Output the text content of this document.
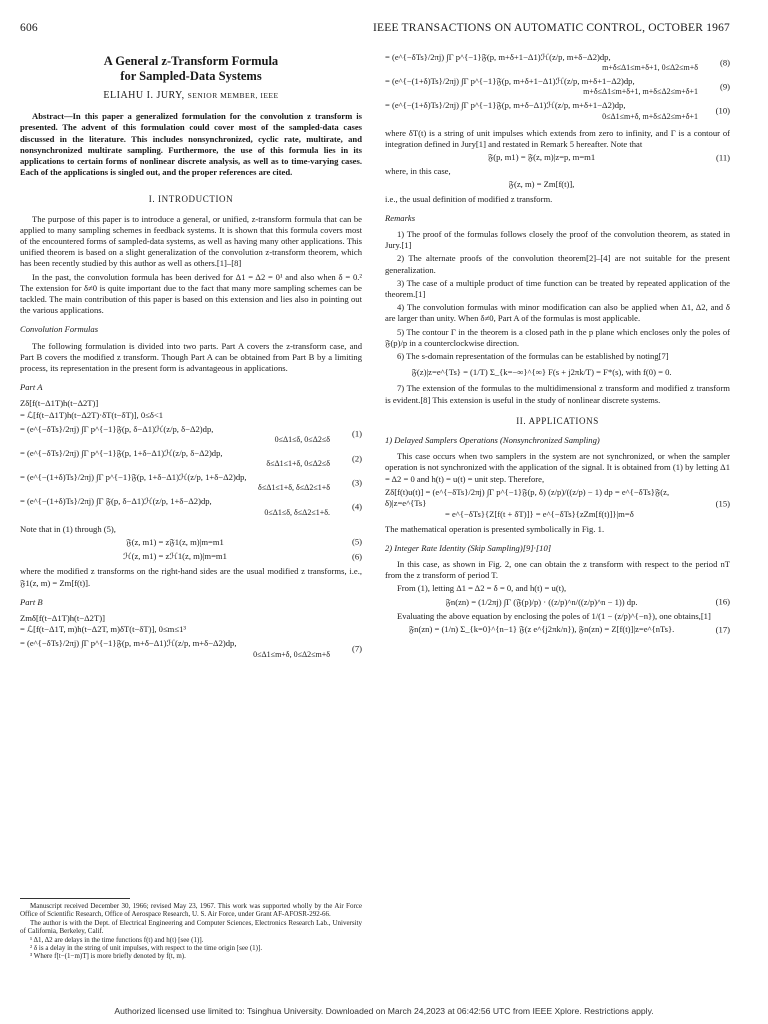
606	IEEE TRANSACTIONS ON AUTOMATIC CONTROL, OCTOBER 1967
A General z-Transform Formula
for Sampled-Data Systems
ELIAHU I. JURY, SENIOR MEMBER, IEEE

Abstract—In this paper a generalized formulation for the convolution z transform is presented. The advent of this formulation could cover most of the sampled-data cases discussed in the literature. This includes nonsynchronized, cyclic rate, multirate, and nonsynchronized multirate sampling. Furthermore, the use of this formula lies in its applications to certain forms of nonlinear discrete analysis, as well as to time-varying cases. Each of the applications is singled out, and the proper references are cited.

I. INTRODUCTION

The purpose of this paper is to introduce a general, or unified, z-transform formula that can be applied to many sampling schemes in feedback systems. It is shown that this formula covers most of the encountered forms of sampled-data systems, as well as having many other applications. This unified theorem is based on a slight generalization of the convolution z-transform theorem, which has been recently studied by this author as well as others.[1]–[8]

In the past, the convolution formula has been derived for Δ1 = Δ2 = 0¹ and also when δ = 0.² The extension for δ≠0 is quite important due to the fact that many more sampling schemes can be tackled. The main contribution of this paper is based on this extension and lies also in pointing out the various applications.

Convolution Formulas

The following formulation is divided into two parts. Part A covers the z-transform case, and Part B covers the modified z transform. Though Part A can be obtained from Part B by a limiting process, its representation in the present form is advantageous in applications.

Part A
Zδ[f(t−Δ1T)h(t−Δ2T)]
= ℒ[f(t−Δ1T)h(t−Δ2T)·δT(t−δT)], 0≤δ<1
= (e^{−δTs}/2πj) ∫Γ p^{−1}𝔉(p, δ−Δ1)ℋ(z/p, δ−Δ2)dp,
0≤Δ1≤δ, 0≤Δ2≤δ
(1)
= (e^{−δTs}/2πj) ∫Γ p^{−1}𝔉(p, 1+δ−Δ1)ℋ(z/p, δ−Δ2)dp,
δ≤Δ1≤1+δ, 0≤Δ2≤δ
(2)
= (e^{−(1+δ)Ts}/2πj) ∫Γ p^{−1}𝔉(p, 1+δ−Δ1)ℋ(z/p, 1+δ−Δ2)dp,
δ≤Δ1≤1+δ, δ≤Δ2≤1+δ
(3)
= (e^{−(1+δ)Ts}/2πj) ∫Γ 𝔉(p, δ−Δ1)ℋ(z/p, 1+δ−Δ2)dp,
0≤Δ1≤δ, δ≤Δ2≤1+δ.
(4)

Note that in (1) through (5),

𝔉(z, m1) = z𝔉1(z, m)|m=m1	(5)
ℋ(z, m1) = zℋ1(z, m)|m=m1	(6)

where the modified z transforms on the right-hand sides are the usual modified z transforms, i.e., 𝔉1(z, m) = Zm[f(t)].

Part B
Zmδ[f(t−Δ1T)h(t−Δ2T)]
= ℒ[f(t−Δ1T, m)h(t−Δ2T, m)δT(t−δT)], 0≤m≤1³
= (e^{−δTs}/2πj) ∫Γ p^{−1}𝔉(p, m+δ−Δ1)ℋ(z/p, m+δ−Δ2)dp,
0≤Δ1≤m+δ, 0≤Δ2≤m+δ
(7)
Manuscript received December 30, 1966; revised May 23, 1967. This work was supported wholly by the Air Force Office of Scientific Research, Office of Aerospace Research, U. S. Air Force, under Grant AF-AFOSR-292-66.
The author is with the Dept. of Electrical Engineering and Computer Sciences, Electronics Research Lab., University of California, Berkeley, Calif.
¹ Δ1, Δ2 are delays in the time functions f(t) and h(t) [see (1)].
² δ is a delay in the string of unit impulses, with respect to the time origin [see (1)].
³ Where f[t−(1−m)T] is more briefly denoted by f(t, m).
= (e^{−δTs}/2πj) ∫Γ p^{−1}𝔉(p, m+δ+1−Δ1)ℋ(z/p, m+δ−Δ2)dp,
m+δ≤Δ1≤m+δ+1, 0≤Δ2≤m+δ
(8)
= (e^{−(1+δ)Ts}/2πj) ∫Γ p^{−1}𝔉(p, m+δ+1−Δ1)ℋ(z/p, m+δ+1−Δ2)dp,
m+δ≤Δ1≤m+δ+1, m+δ≤Δ2≤m+δ+1
(9)
= (e^{−(1+δ)Ts}/2πj) ∫Γ p^{−1}𝔉(p, m+δ−Δ1)ℋ(z/p, m+δ+1−Δ2)dp,
0≤Δ1≤m+δ, m+δ≤Δ2≤m+δ+1
(10)

where δT(t) is a string of unit impulses which extends from zero to infinity, and Γ is a contour of integration defined in Jury[1] and restated in Remark 5 hereafter. Note that

𝔉(p, m1) = 𝔉(z, m)|z=p, m=m1	(11)

where, in this case,

𝔉(z, m) = Zm[f(t)],

i.e., the usual definition of modified z transform.

Remarks

1) The proof of the formulas follows closely the proof of the convolution theorem, as stated in Jury.[1]

2) The alternate proofs of the convolution theorem[2]–[4] are not suitable for the present generalization.

3) The case of a multiple product of time function can be treated by repeated application of the theorem.[1]

4) The convolution formulas with minor modification can also be applied when Δ1, Δ2, and δ are larger than unity. When δ≠0, Part A of the formulas is most applicable.

5) The contour Γ in the theorem is a closed path in the p plane which encloses only the poles of 𝔉(p)/p in a counterclockwise direction.

6) The s-domain representation of the formulas can be established by noting[7]

𝔉(z)|z=e^{Ts} = (1/T) Σ_{k=−∞}^{∞} F(s + j2πk/T) = F*(s), with f(0) = 0.

7) The extension of the formulas to the multidimensional z transform and modified z transform is evident.[8] This extension is useful in the study of nonlinear discrete systems.

II. APPLICATIONS
1) Delayed Samplers Operations (Nonsynchronized Sampling)

This case occurs when two samplers in the system are not synchronized, or when the sampler operation is not synchronized with the application of the signal. It is obtained from (1) by letting Δ1 = Δ2 = 0 and h(t) = u(t) = unit step. Therefore,

Zδ[f(t)u(t)] = (e^{−δTs}/2πj) ∫Γ p^{−1}𝔉(p, δ) (z/p)/((z/p) − 1) dp = e^{−δTs}𝔉(z, δ)|z=e^{Ts}
= e^{−δTs}{Z[f(t + δT)]} = e^{−δTs}{zZm[f(t)]}|m=δ
(15)

The mathematical operation is presented symbolically in Fig. 1.

2) Integer Rate Identity (Skip Sampling)[9]·[10]

In this case, as shown in Fig. 2, one can obtain the z transform with respect to the period nT from the z transform of period T.

From (1), letting Δ1 = Δ2 = δ = 0, and h(t) = u(t),

𝔉n(zn) = (1/2πj) ∫Γ (𝔉(p)/p) · ((z/p)^n/((z/p)^n − 1)) dp.	(16)

Evaluating the above equation by enclosing the poles of 1/(1 − (z/p)^{−n}), one obtains,[1]

𝔉n(zn) = (1/n) Σ_{k=0}^{n−1} 𝔉(z e^{j2πk/n}), 𝔉n(zn) = Z[f(t)]|z=e^{nTs}.	(17)
Authorized licensed use limited to: Tsinghua University. Downloaded on March 24,2023 at 06:42:56 UTC from IEEE Xplore. Restrictions apply.
